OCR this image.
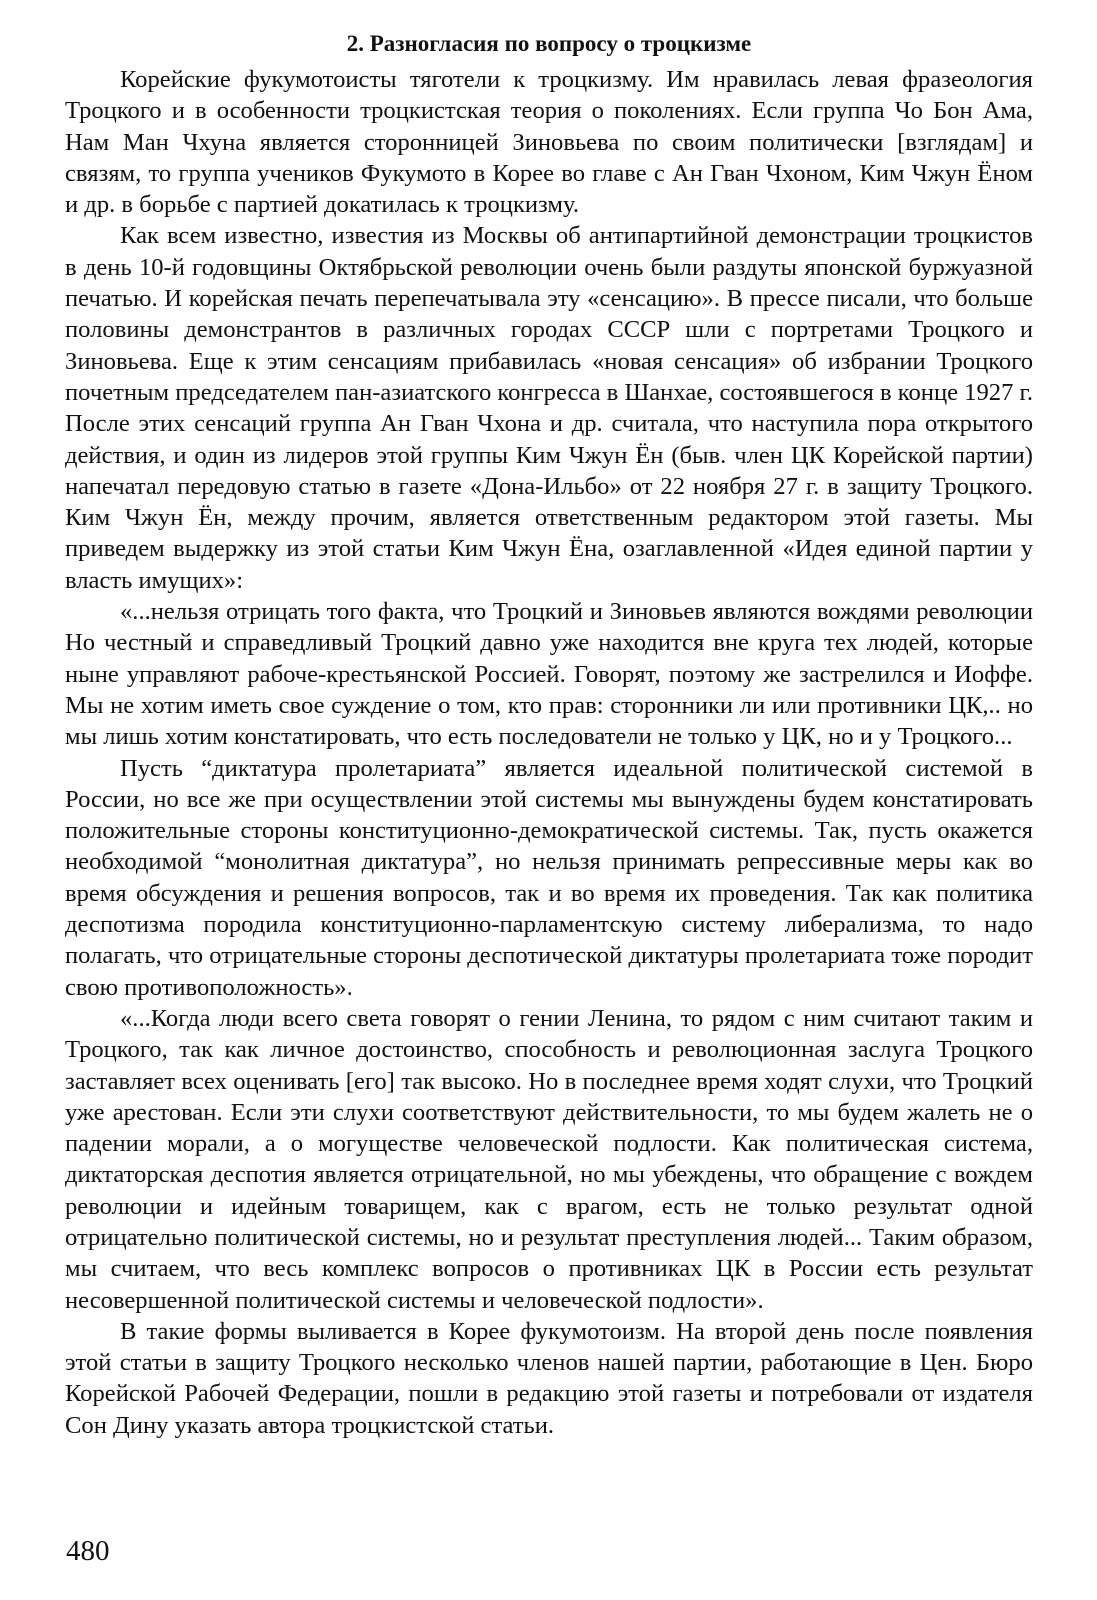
2. Разногласия по вопросу о троцкизме

Корейские фукумотоисты тяготели к троцкизму. Им нравилась левая фразеология Троцкого и в особенности троцкистская теория о поколениях. Если группа Чо Бон Ама, Нам Ман Чхуна является сторонницей Зиновьева по своим политически [взглядам] и связям, то группа учеников Фукумото в Корее во главе с Ан Гван Чхоном, Ким Чжун Ёном и др. в борьбе с партией докатилась к троцкизму.

Как всем известно, известия из Москвы об антипартийной демонстрации троцкистов в день 10-й годовщины Октябрьской революции очень были раздуты японской буржуазной печатью. И корейская печать перепечатывала эту «сенсацию». В прессе писали, что больше половины демонстрантов в различных городах СССР шли с портретами Троцкого и Зиновьева. Еще к этим сенсациям прибавилась «новая сенсация» об избрании Троцкого почетным председателем пан-азиатского конгресса в Шанхае, состоявшегося в конце 1927 г. После этих сенсаций группа Ан Гван Чхона и др. считала, что наступила пора открытого действия, и один из лидеров этой группы Ким Чжун Ён (быв. член ЦК Корейской партии) напечатал передовую статью в газете «Дона-Ильбо» от 22 ноября 27 г. в защиту Троцкого. Ким Чжун Ён, между прочим, является ответственным редактором этой газеты. Мы приведем выдержку из этой статьи Ким Чжун Ёна, озаглавленной «Идея единой партии у власть имущих»:

«...нельзя отрицать того факта, что Троцкий и Зиновьев являются вождями революции Но честный и справедливый Троцкий давно уже находится вне круга тех людей, которые ныне управляют рабоче-крестьянской Россией. Говорят, поэтому же застрелился и Иоффе. Мы не хотим иметь свое суждение о том, кто прав: сторонники ли или противники ЦК,.. но мы лишь хотим констатировать, что есть последователи не только у ЦК, но и у Троцкого...

Пусть “диктатура пролетариата” является идеальной политической системой в России, но все же при осуществлении этой системы мы вынуждены будем констатировать положительные стороны конституционно-демократической системы. Так, пусть окажется необходимой “монолитная диктатура”, но нельзя принимать репрессивные меры как во время обсуждения и решения вопросов, так и во время их проведения. Так как политика деспотизма породила конституционно-парламентскую систему либерализма, то надо полагать, что отрицательные стороны деспотической диктатуры пролетариата тоже породит свою противоположность».

«...Когда люди всего света говорят о гении Ленина, то рядом с ним считают таким и Троцкого, так как личное достоинство, способность и революционная заслуга Троцкого заставляет всех оценивать [его] так высоко. Но в последнее время ходят слухи, что Троцкий уже арестован. Если эти слухи соответствуют действительности, то мы будем жалеть не о падении морали, а о могуществе человеческой подлости. Как политическая система, диктаторская деспотия является отрицательной, но мы убеждены, что обращение с вождем революции и идейным товарищем, как с врагом, есть не только результат одной отрицательно политической системы, но и результат преступления людей... Таким образом, мы считаем, что весь комплекс вопросов о противниках ЦК в России есть результат несовершенной политической системы и человеческой подлости».

В такие формы выливается в Корее фукумотоизм. На второй день после появления этой статьи в защиту Троцкого несколько членов нашей партии, работающие в Цен. Бюро Корейской Рабочей Федерации, пошли в редакцию этой газеты и потребовали от издателя Сон Дину указать автора троцкистской статьи.

480
